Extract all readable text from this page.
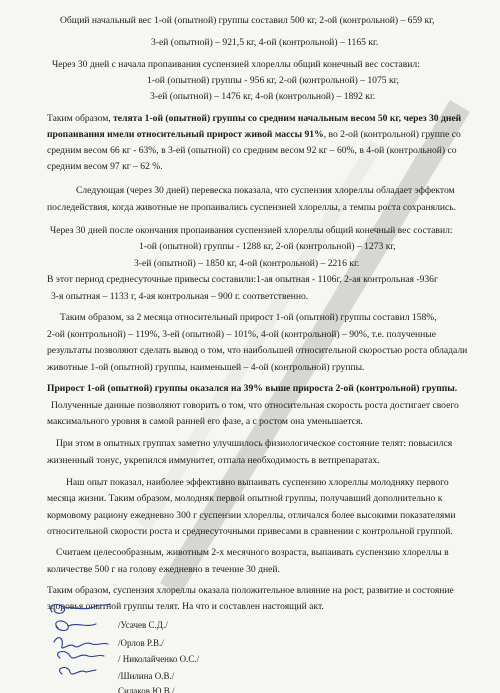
Общий начальный вес 1-ой (опытной) группы составил 500 кг, 2-ой (контрольной) – 659 кг,
3-ей (опытной) – 921,5 кг, 4-ой (контрольной) – 1165 кг.
Через 30 дней с начала пропаивания суспензией хлореллы общий конечный вес составил:
1-ой (опытной) группы - 956 кг, 2-ой (контрольной) – 1075 кг,
3-ей (опытной) – 1476 кг, 4-ой (контрольной) – 1892 кг.
Таким образом, телята 1-ой (опытной) группы со средним начальным весом 50 кг, через 30 дней
пропаивания имели относительный прирост живой массы 91%, во 2-ой (контрольной) группе со
средним весом 66 кг - 63%, в 3-ей (опытной) со средним весом 92 кг – 60%, в 4-ой (контрольной) со
средним весом 97 кг – 62 %.
Следующая (через 30 дней) перевеска показала, что суспензия хлореллы обладает эффектом
последействия, когда животные не пропаивались суспензией хлореллы, а темпы роста сохранялись.
Через 30 дней после окончания пропаивания суспензией хлореллы общий конечный вес составил:
1-ой (опытной) группы - 1288 кг, 2-ой (контрольной) – 1273 кг,
3-ей (опытной) – 1850 кг, 4-ой (контрольной) – 2216 кг.
В этот период среднесуточные привесы составили:1-ая опытная - 1106г, 2-ая контрольная -936г
3-я опытная – 1133 г, 4-ая контрольная – 900 г. соответственно.
Таким образом, за 2 месяца относительный прирост 1-ой (опытной) группы составил 158%,
2-ой (контрольной) – 119%, 3-ей (опытной) – 101%, 4-ой (контрольной) – 90%, т.е. полученные
результаты позволяют сделать вывод о том, что наибольшей относительной скоростью роста обладали
животные 1-ой (опытной) группы, наименьшей – 4-ой (контрольной) группы.
Прирост 1-ой (опытной) группы оказался на 39% выше прироста 2-ой (контрольной) группы.
Полученные данные позволяют говорить о том, что относительная скорость роста достигает своего
максимального уровня в самой ранней его фазе, а с ростом она уменьшается.
При этом в опытных группах заметно улучшилось физиологическое состояние телят: повысился
жизненный тонус, укрепился иммунитет, отпала необходимость в ветпрепаратах.
Наш опыт показал, наиболее эффективно выпаивать суспензию хлореллы молодняку первого
месяца жизни. Таким образом, молодняк первой опытной группы, получавший дополнительно к
кормовому рациону ежедневно 300 г суспензии хлореллы, отличался более высокими показателями
относительной скорости роста и среднесуточными привесами в сравнении с контрольной группой.
Считаем целесообразным, животным 2-х месячного возраста, выпаивать суспензию хлореллы в
количестве 500 г на голову ежедневно в течение 30 дней.
Таким образом, суспензия хлореллы оказала положительное влияние на рост, развитие и состояние
здоровья опытной группы телят. На что и составлен настоящий акт.
/Усачев С.Д./
/Орлов Р.В./
/ Николайченко О.С./
/Шилина О.В./
Силаков Ю.В./
